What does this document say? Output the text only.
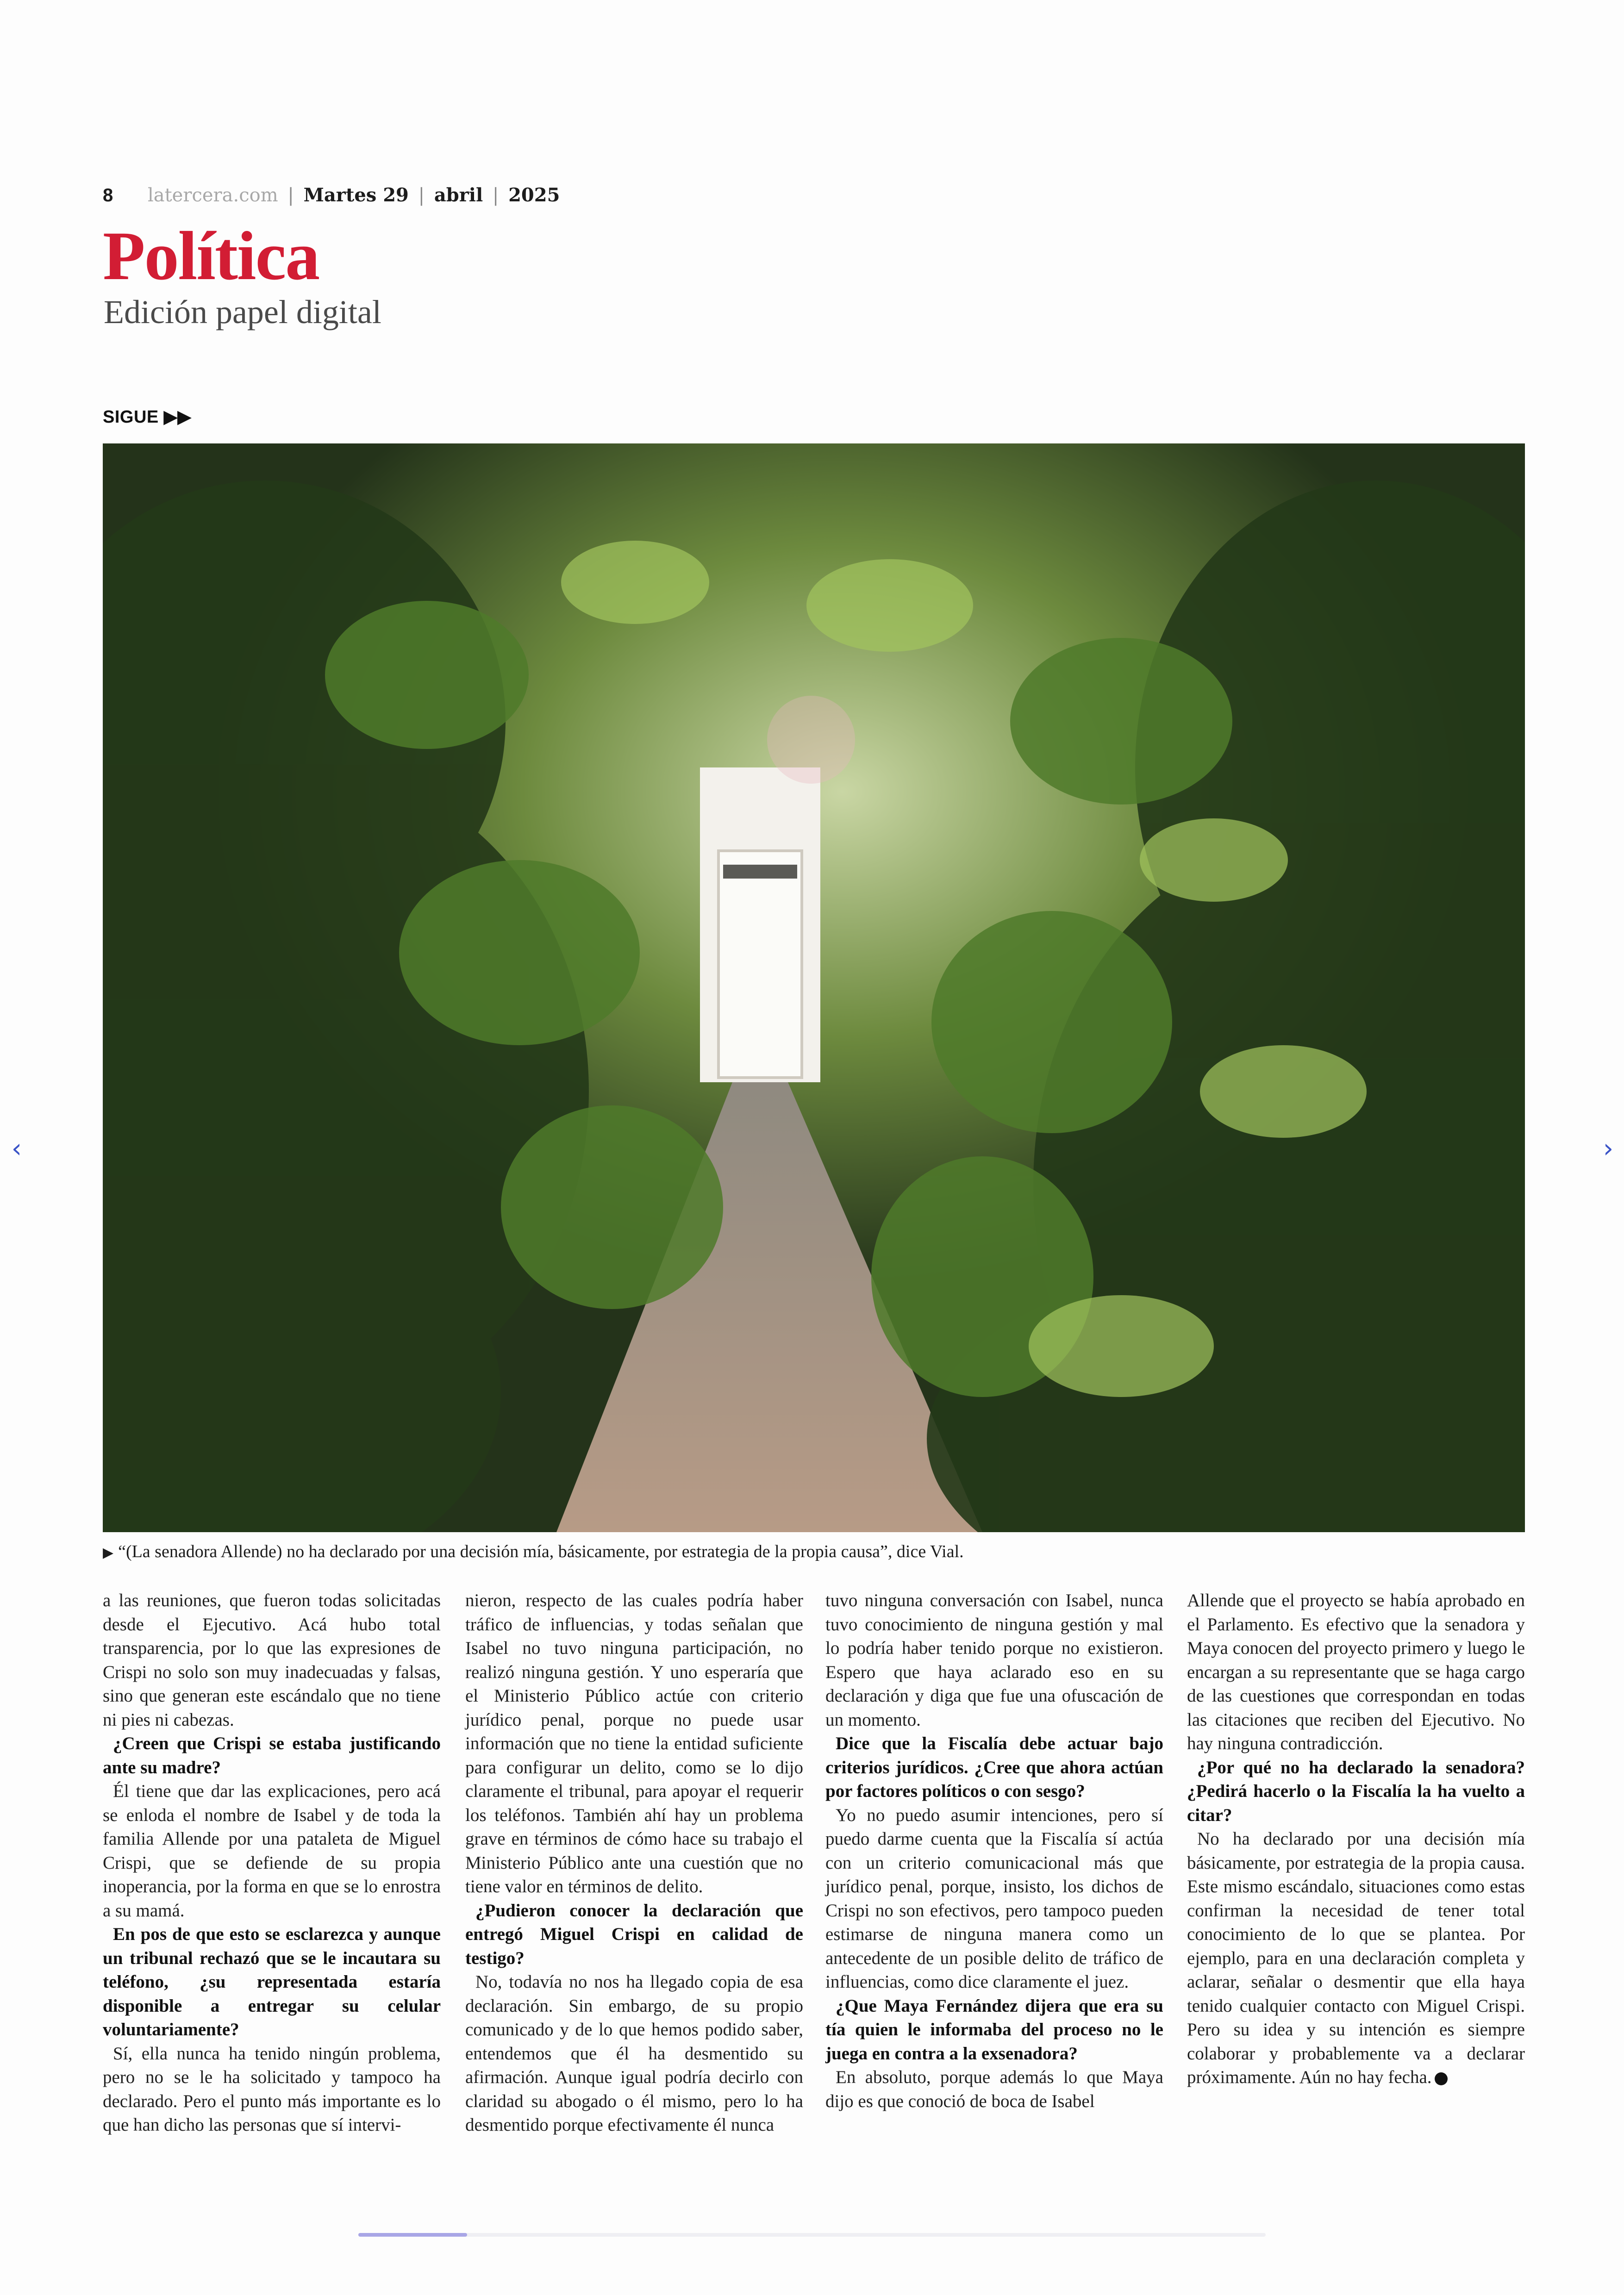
8 latercera.com | Martes 29 | abril | 2025
Política
Edición papel digital
SIGUE ▶▶
▶ “(La senadora Allende) no ha declarado por una decisión mía, básicamente, por estrategia de la propia causa”, dice Vial.

a las reuniones, que fueron todas solicitadas desde el Ejecutivo. Acá hubo total transparencia, por lo que las expresiones de Crispi no solo son muy inadecuadas y falsas, sino que generan este escándalo que no tiene ni pies ni cabezas.

¿Creen que Crispi se estaba justificando ante su madre?

Él tiene que dar las explicaciones, pero acá se enloda el nombre de Isabel y de toda la familia Allende por una pataleta de Miguel Crispi, que se defiende de su propia inoperancia, por la forma en que se lo enrostra a su mamá.

En pos de que esto se esclarezca y aunque un tribunal rechazó que se le incautara su teléfono, ¿su representada estaría disponible a entregar su celular voluntariamente?

Sí, ella nunca ha tenido ningún problema, pero no se le ha solicitado y tampoco ha declarado. Pero el punto más importante es lo que han dicho las personas que sí intervi-

nieron, respecto de las cuales podría haber tráfico de influencias, y todas señalan que Isabel no tuvo ninguna participación, no realizó ninguna gestión. Y uno esperaría que el Ministerio Público actúe con criterio jurídico penal, porque no puede usar información que no tiene la entidad suficiente para configurar un delito, como se lo dijo claramente el tribunal, para apoyar el requerir los teléfonos. También ahí hay un problema grave en términos de cómo hace su trabajo el Ministerio Público ante una cuestión que no tiene valor en términos de delito.

¿Pudieron conocer la declaración que entregó Miguel Crispi en calidad de testigo?

No, todavía no nos ha llegado copia de esa declaración. Sin embargo, de su propio comunicado y de lo que hemos podido saber, entendemos que él ha desmentido su afirmación. Aunque igual podría decirlo con claridad su abogado o él mismo, pero lo ha desmentido porque efectivamente él nunca

tuvo ninguna conversación con Isabel, nunca tuvo conocimiento de ninguna gestión y mal lo podría haber tenido porque no existieron. Espero que haya aclarado eso en su declaración y diga que fue una ofuscación de un momento.

Dice que la Fiscalía debe actuar bajo criterios jurídicos. ¿Cree que ahora actúan por factores políticos o con sesgo?

Yo no puedo asumir intenciones, pero sí puedo darme cuenta que la Fiscalía sí actúa con un criterio comunicacional más que jurídico penal, porque, insisto, los dichos de Crispi no son efectivos, pero tampoco pueden estimarse de ninguna manera como un antecedente de un posible delito de tráfico de influencias, como dice claramente el juez.

¿Que Maya Fernández dijera que era su tía quien le informaba del proceso no le juega en contra a la exsenadora?

En absoluto, porque además lo que Maya dijo es que conoció de boca de Isabel

Allende que el proyecto se había aprobado en el Parlamento. Es efectivo que la senadora y Maya conocen del proyecto primero y luego le encargan a su representante que se haga cargo de las cuestiones que correspondan en todas las citaciones que reciben del Ejecutivo. No hay ninguna contradicción.

¿Por qué no ha declarado la senadora? ¿Pedirá hacerlo o la Fiscalía la ha vuelto a citar?

No ha declarado por una decisión mía básicamente, por estrategia de la propia causa. Este mismo escándalo, situaciones como estas confirman la necesidad de tener total conocimiento de lo que se plantea. Por ejemplo, para en una declaración completa y aclarar, señalar o desmentir que ella haya tenido cualquier contacto con Miguel Crispi. Pero su idea y su intención es siempre colaborar y probablemente va a declarar próximamente. Aún no hay fecha.

‹	›
